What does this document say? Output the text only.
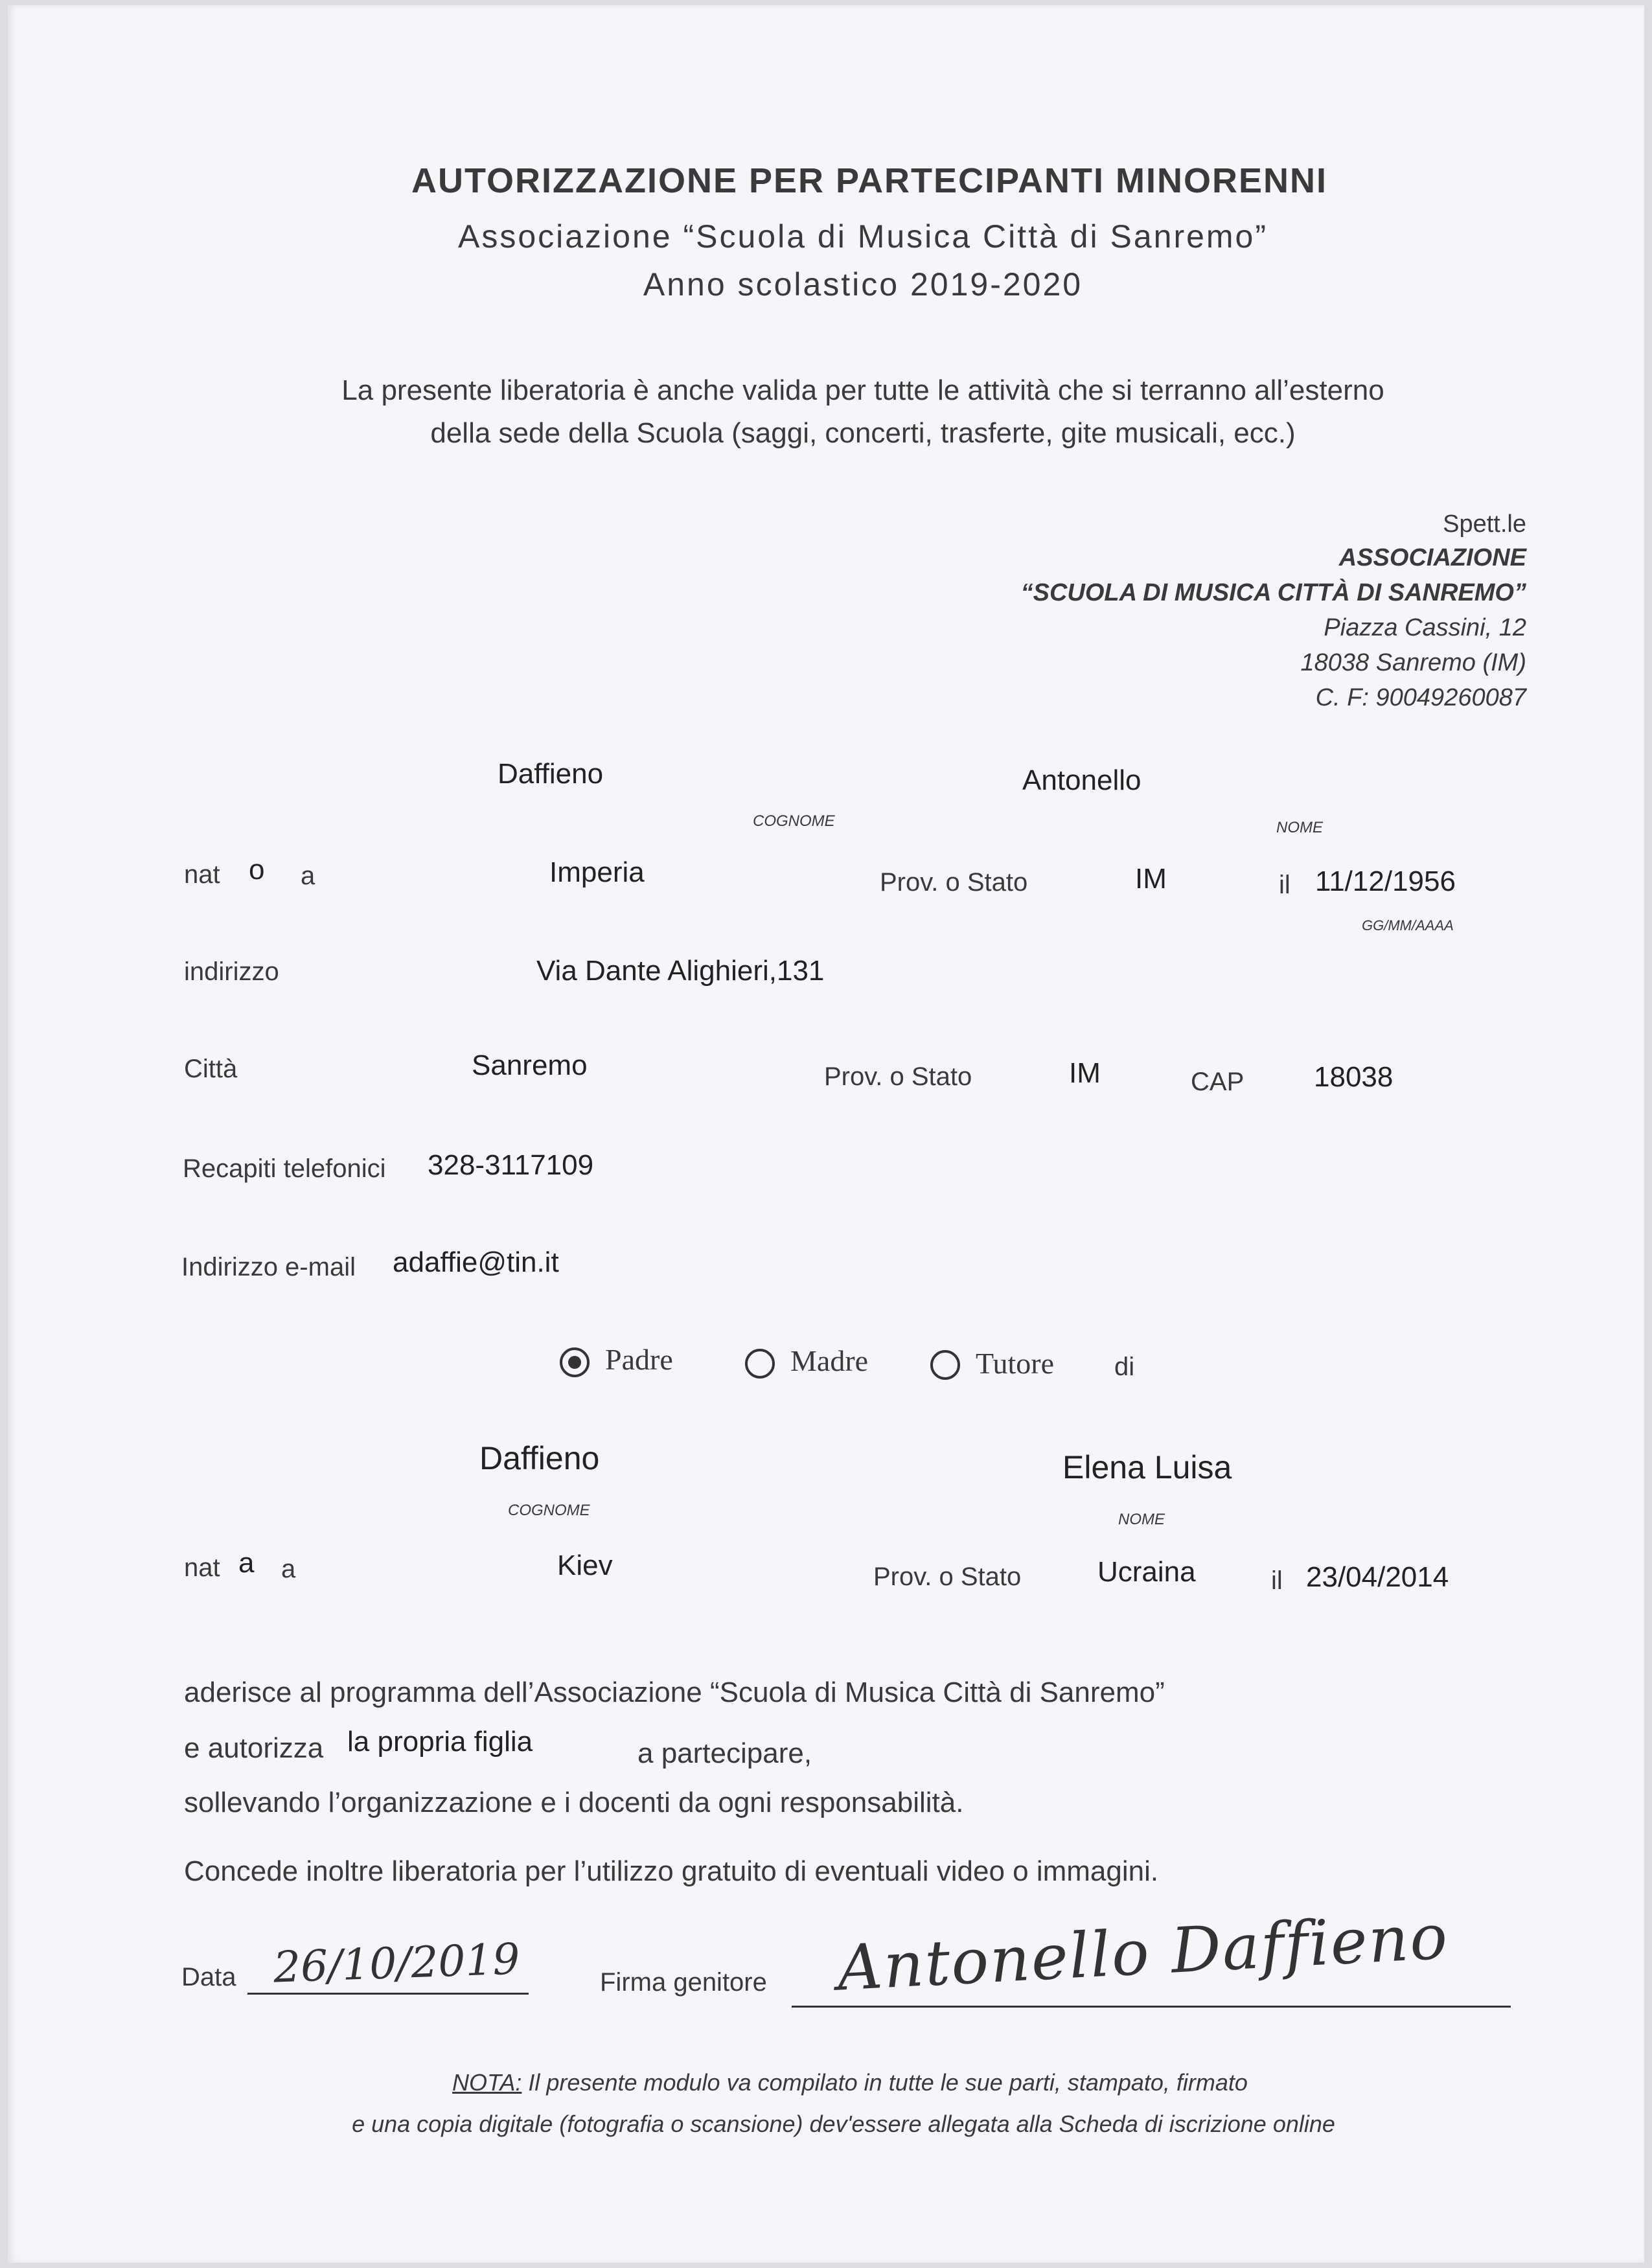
AUTORIZZAZIONE PER PARTECIPANTI MINORENNI
Associazione “Scuola di Musica Città di Sanremo”
Anno scolastico 2019-2020
La presente liberatoria è anche valida per tutte le attività che si terranno all’esterno
della sede della Scuola (saggi, concerti, trasferte, gite musicali, ecc.)
Spett.le
ASSOCIAZIONE
“SCUOLA DI MUSICA CITTÀ DI SANREMO”
Piazza Cassini, 12
18038 Sanremo (IM)
C. F: 90049260087
Daffieno
COGNOME
Antonello
NOME
nat o a	Imperia	Prov. o Stato	IM	il 11/12/1956
GG/MM/AAAA
indirizzo	Via Dante Alighieri,131
Città	Sanremo	Prov. o Stato	IM	CAP 18038
Recapiti telefonici 328-3117109
Indirizzo e-mail adaffie@tin.it
Padre	Madre	Tutore di
Daffieno
COGNOME
Elena Luisa
NOME
nat a a	Kiev	Prov. o Stato	Ucraina	il 23/04/2014
aderisce al programma dell’Associazione “Scuola di Musica Città di Sanremo”
e autorizza la propria figlia	a partecipare,
sollevando l’organizzazione e i docenti da ogni responsabilità.
Concede inoltre liberatoria per l’utilizzo gratuito di eventuali video o immagini.
Data 26/10/2019	Firma genitore Antonello Daffieno
NOTA: Il presente modulo va compilato in tutte le sue parti, stampato, firmato
e una copia digitale (fotografia o scansione) dev'essere allegata alla Scheda di iscrizione online
